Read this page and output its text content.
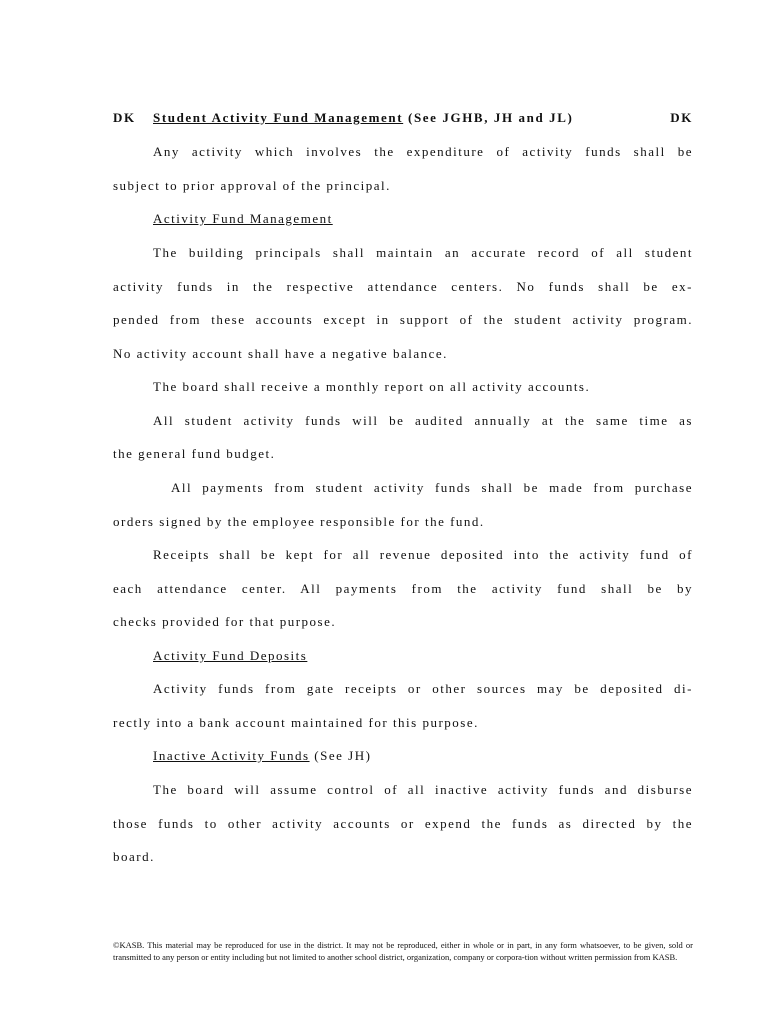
DK Student Activity Fund Management (See JGHB, JH and JL)	DK
Any activity which involves the expenditure of activity funds shall be
subject to prior approval of the principal.
Activity Fund Management
The building principals shall maintain an accurate record of all student
activity funds in the respective attendance centers. No funds shall be ex-
pended from these accounts except in support of the student activity program.
No activity account shall have a negative balance.
The board shall receive a monthly report on all activity accounts.
All student activity funds will be audited annually at the same time as
the general fund budget.
All payments from student activity funds shall be made from purchase
orders signed by the employee responsible for the fund.
Receipts shall be kept for all revenue deposited into the activity fund of
each attendance center. All payments from the activity fund shall be by
checks provided for that purpose.
Activity Fund Deposits
Activity funds from gate receipts or other sources may be deposited di-
rectly into a bank account maintained for this purpose.
Inactive Activity Funds (See JH)
The board will assume control of all inactive activity funds and disburse
those funds to other activity accounts or expend the funds as directed by the
board.
©KASB. This material may be reproduced for use in the district. It may not be reproduced, either in whole or in part, in any form whatsoever, to be given, sold or transmitted to any person or entity including but not limited to another school district, organization, company or corpora-tion without written permission from KASB.
